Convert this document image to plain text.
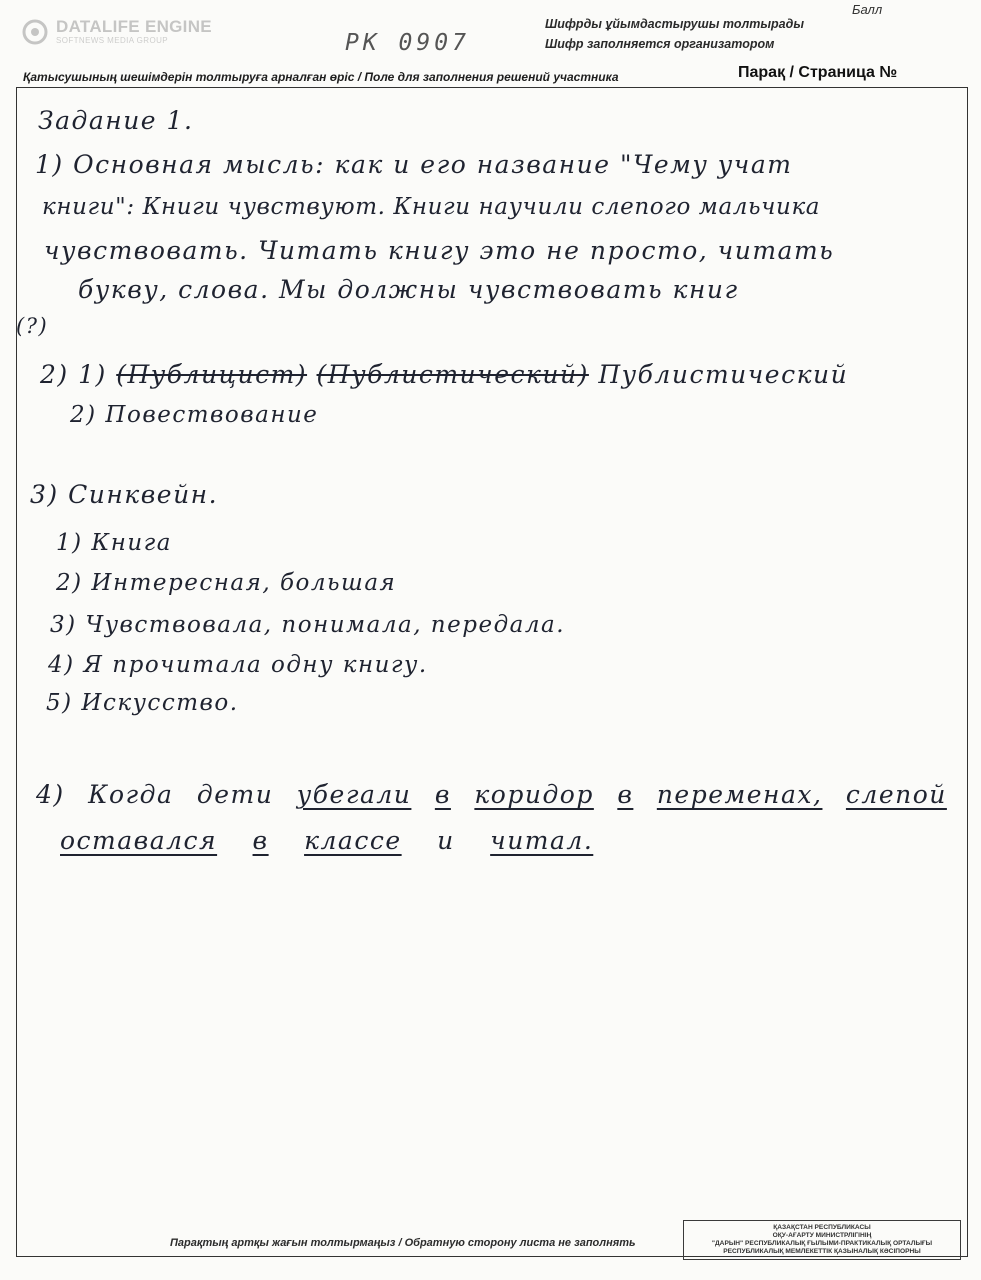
DATALIFE ENGINE
SOFTNEWS MEDIA GROUP
Балл
PK 0907
Шифрды ұйымдастырушы толтырады
Шифр заполняется организатором
Қатысушының шешімдерін толтыруға арналған өріс / Поле для заполнения решений участника	Парақ / Страница №
Задание 1.
1) Основная мысль: как и его название "Чему учат
книги": Книги чувствуют. Книги научили слепого мальчика
чувствовать. Читать книгу это не просто, читать
букву, слова. Мы должны чувствовать книг
(?)
2) 1) (Публицист) (Публистический) Публистический
2) Повествование
3) Синквейн.
1) Книга
2) Интересная, большая
3) Чувствовала, понимала, передала.
4) Я прочитала одну книгу.
5) Искусство.
4) Когда дети убегали в коридор в переменах, слепой
оставался в классе и читал.
Парақтың артқы жағын толтырмаңыз / Обратную сторону листа не заполнять
ҚАЗАҚСТАН РЕСПУБЛИКАСЫ
ОҚУ-АҒАРТУ МИНИСТРЛІГІНІҢ
"ДАРЫН" РЕСПУБЛИКАЛЫҚ ҒЫЛЫМИ-ПРАКТИКАЛЫҚ ОРТАЛЫҒЫ
РЕСПУБЛИКАЛЫҚ МЕМЛЕКЕТТІК ҚАЗЫНАЛЫҚ КӘСІПОРНЫ
